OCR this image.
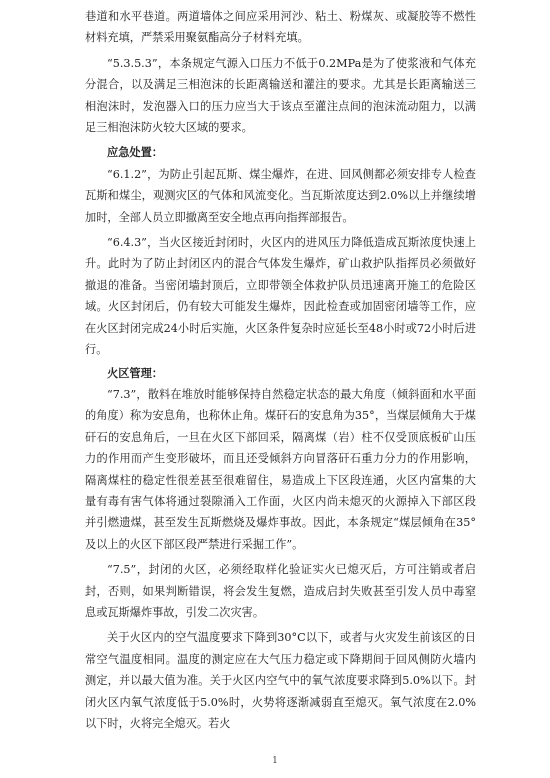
巷道和水平巷道。两道墙体之间应采用河沙、粘土、粉煤灰、或凝胶等不燃性材料充填，严禁采用聚氨酯高分子材料充填。

“5.3.5.3”，本条规定气源入口压力不低于0.2MPa是为了使浆液和气体充分混合，以及满足三相泡沫的长距离输送和灌注的要求。尤其是长距离输送三相泡沫时，发泡器入口的压力应当大于该点至灌注点间的泡沫流动阻力，以满足三相泡沫防火较大区域的要求。

应急处置：

“6.1.2”，为防止引起瓦斯、煤尘爆炸，在进、回风侧都必须安排专人检查瓦斯和煤尘，观测灾区的气体和风流变化。当瓦斯浓度达到2.0%以上并继续增加时，全部人员立即撤离至安全地点再向指挥部报告。

“6.4.3”，当火区接近封闭时，火区内的进风压力降低造成瓦斯浓度快速上升。此时为了防止封闭区内的混合气体发生爆炸，矿山救护队指挥员必须做好撤退的准备。当密闭墙封顶后，立即带领全体救护队员迅速离开施工的危险区域。火区封闭后，仍有较大可能发生爆炸，因此检查或加固密闭墙等工作，应在火区封闭完成24小时后实施，火区条件复杂时应延长至48小时或72小时后进行。

火区管理：

“7.3”，散料在堆放时能够保持自然稳定状态的最大角度（倾斜面和水平面的角度）称为安息角，也称休止角。煤矸石的安息角为35°，当煤层倾角大于煤矸石的安息角后，一旦在火区下部回采，隔离煤（岩）柱不仅受顶底板矿山压力的作用而产生变形破坏，而且还受倾斜方向冒落矸石重力分力的作用影响，隔离煤柱的稳定性很差甚至很难留住，易造成上下区段连通，火区内富集的大量有毒有害气体将通过裂隙涌入工作面，火区内尚未熄灭的火源掉入下部区段并引燃遗煤，甚至发生瓦斯燃烧及爆炸事故。因此，本条规定“煤层倾角在35°及以上的火区下部区段严禁进行采掘工作”。

“7.5”，封闭的火区，必须经取样化验证实火已熄灭后，方可注销或者启封，否则，如果判断错误，将会发生复燃，造成启封失败甚至引发人员中毒窒息或瓦斯爆炸事故，引发二次灾害。

关于火区内的空气温度要求下降到30°C以下，或者与火灾发生前该区的日常空气温度相同。温度的测定应在大气压力稳定或下降期间于回风侧防火墙内测定，并以最大值为准。关于火区内空气中的氧气浓度要求降到5.0%以下。封闭火区内氧气浓度低于5.0%时，火势将逐渐减弱直至熄灭。氧气浓度在2.0%以下时，火将完全熄灭。若火

1
